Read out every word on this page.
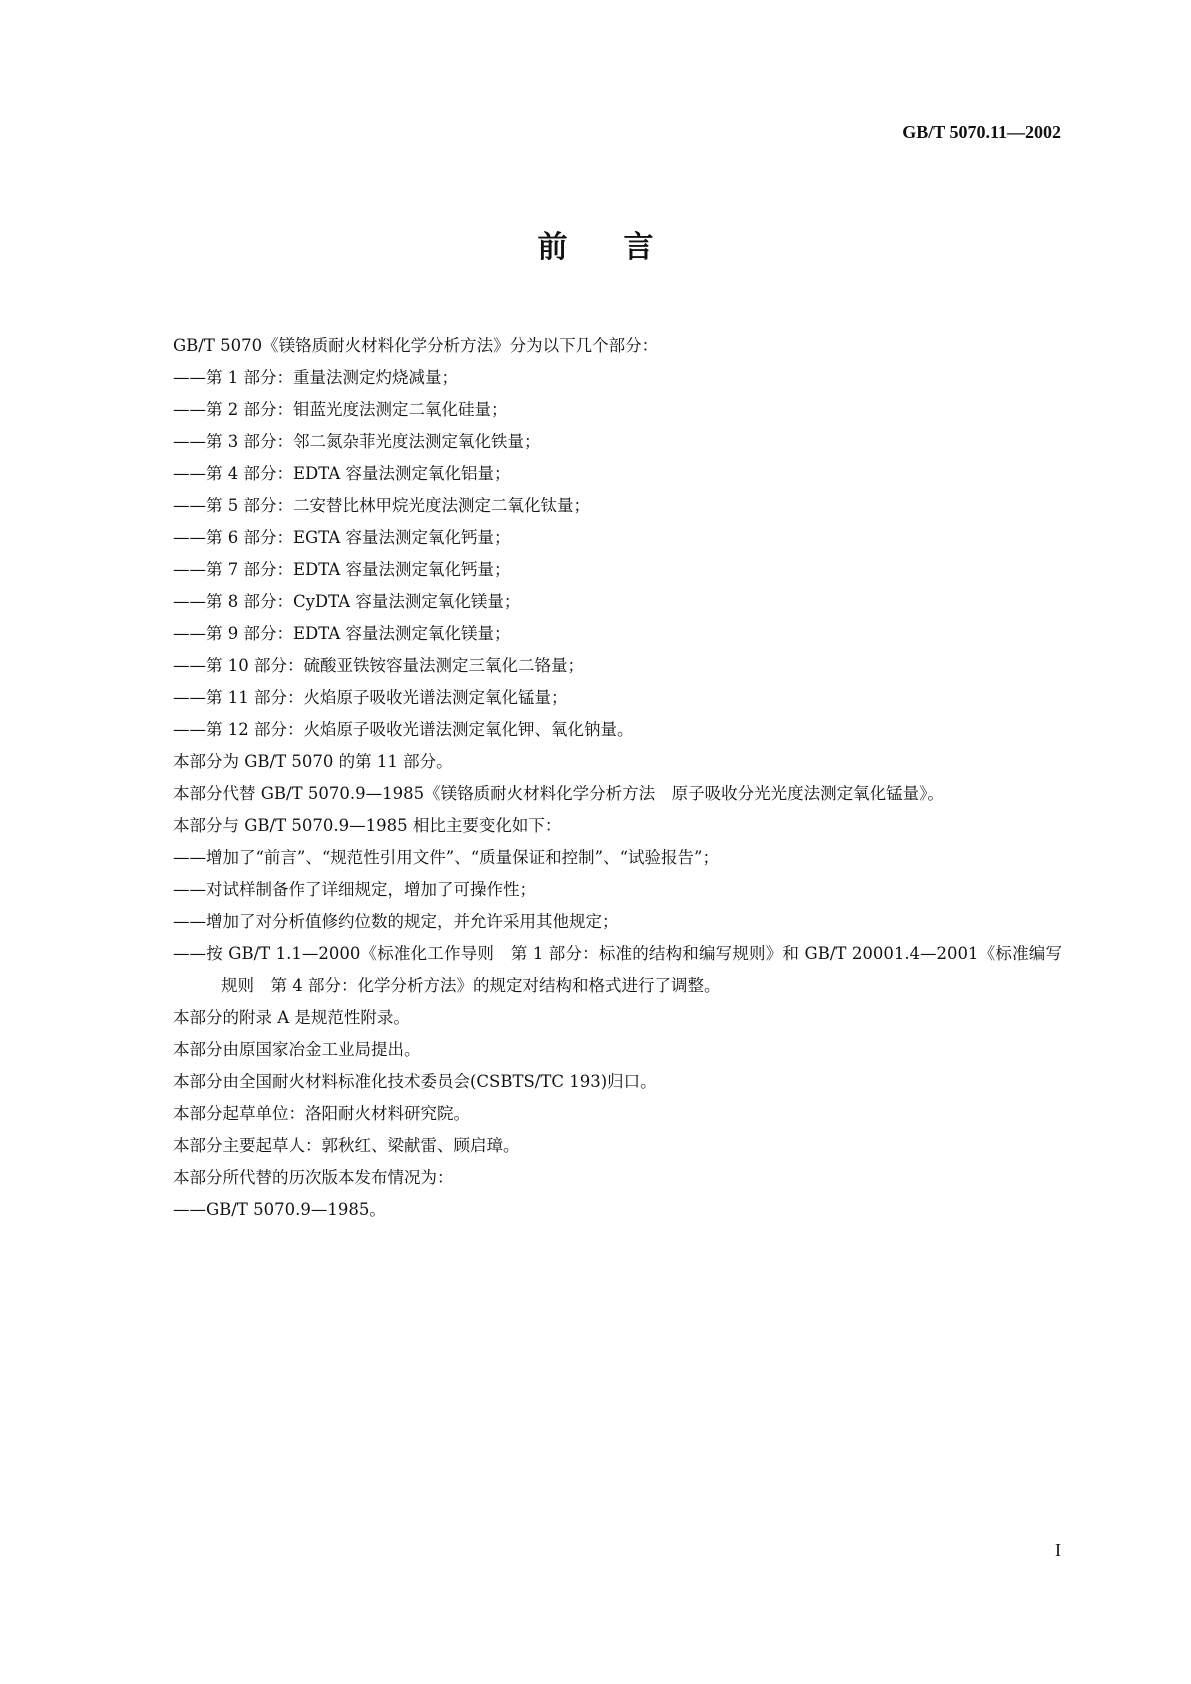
GB/T 5070.11—2002
前 言
GB/T 5070《镁铬质耐火材料化学分析方法》分为以下几个部分：
——第 1 部分：重量法测定灼烧减量；
——第 2 部分：钼蓝光度法测定二氧化硅量；
——第 3 部分：邻二氮杂菲光度法测定氧化铁量；
——第 4 部分：EDTA 容量法测定氧化铝量；
——第 5 部分：二安替比林甲烷光度法测定二氧化钛量；
——第 6 部分：EGTA 容量法测定氧化钙量；
——第 7 部分：EDTA 容量法测定氧化钙量；
——第 8 部分：CyDTA 容量法测定氧化镁量；
——第 9 部分：EDTA 容量法测定氧化镁量；
——第 10 部分：硫酸亚铁铵容量法测定三氧化二铬量；
——第 11 部分：火焰原子吸收光谱法测定氧化锰量；
——第 12 部分：火焰原子吸收光谱法测定氧化钾、氧化钠量。
本部分为 GB/T 5070 的第 11 部分。
本部分代替 GB/T 5070.9—1985《镁铬质耐火材料化学分析方法　原子吸收分光光度法测定氧化锰量》。
本部分与 GB/T 5070.9—1985 相比主要变化如下：
——增加了“前言”、“规范性引用文件”、“质量保证和控制”、“试验报告”；
——对试样制备作了详细规定，增加了可操作性；
——增加了对分析值修约位数的规定，并允许采用其他规定；
——按 GB/T 1.1—2000《标准化工作导则　第 1 部分：标准的结构和编写规则》和 GB/T 20001.4—2001《标准编写规则　第 4 部分：化学分析方法》的规定对结构和格式进行了调整。
本部分的附录 A 是规范性附录。
本部分由原国家冶金工业局提出。
本部分由全国耐火材料标准化技术委员会(CSBTS/TC 193)归口。
本部分起草单位：洛阳耐火材料研究院。
本部分主要起草人：郭秋红、梁献雷、顾启璋。
本部分所代替的历次版本发布情况为：
——GB/T 5070.9—1985。
I
